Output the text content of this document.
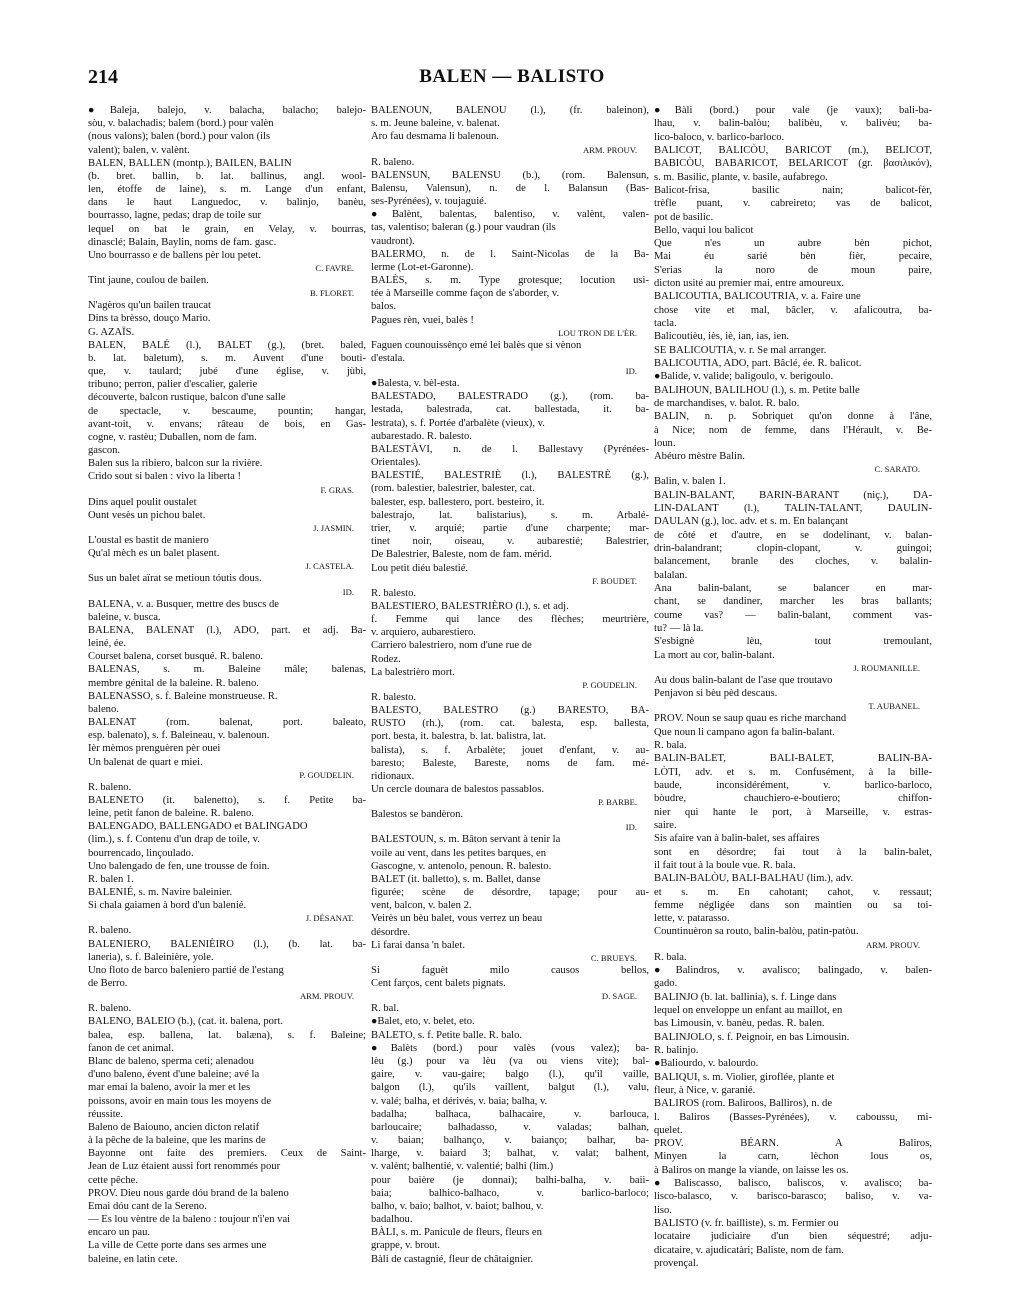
214	BALEN — BALISTO

●Baleja, balejo, v. balacha, balacho; balejo-

sòu, v. balachadis; balem (bord.) pour valèn

(nous valons); balen (bord.) pour valon (ils

valent); balen, v. valènt.

BALEN, BALLEN (montp.), BAILEN, BALIN

(b. bret. ballin, b. lat. ballinus, angl. wool-

len, étoffe de laine), s. m. Lange d'un enfant,

dans le haut Languedoc, v. balinjo, banèu,

bourrasso, lagne, pedas; drap de toile sur

lequel on bat le grain, en Velay, v. bourras,

dinasclé; Balain, Baylin, noms de fam. gasc.

Uno bourrasso e de ballens pèr lou petet.

C. FAVRE.

Tint jaune, coulou de bailen.

B. FLORET.

N'agèros qu'un bailen traucat

Dins ta brèsso, douço Mario.

G. AZAÏS.

BALEN, BALÉ (l.), BALET (g.), (bret. baled,

b. lat. baletum), s. m. Auvent d'une bouti-

que, v. taulard; jubé d'une église, v. jùbi,

tribuno; perron, palier d'escalier, galerie

découverte, balcon rustique, balcon d'une salle

de spectacle, v. bescaume, pountin; hangar,

avant-toit, v. envans; râteau de bois, en Gas-

cogne, v. rastèu; Duballen, nom de fam.

gascon.

Balen sus la ribiero, balcon sur la rivière.

Crido sout si balen : vivo la liberta !

F. GRAS.

Dins aquel poulit oustalet

Ount vesès un pichou balet.

J. JASMIN.

L'oustal es bastit de maniero

Qu'al mèch es un balet plasent.

J. CASTELA.

Sus un balet aïrat se metioun tóutis dous.

ID.

BALENA, v. a. Busquer, mettre des buscs de

baleine, v. busca.

BALENA, BALENAT (l.), ADO, part. et adj. Ba-

leiné, ée.

Courset balena, corset busqué. R. baleno.

BALENAS, s. m. Baleine mâle; balenas,

membre génital de la baleine. R. baleno.

BALENASSO, s. f. Baleine monstrueuse. R.

baleno.

BALENAT (rom. balenat, port. baleato,

esp. balenato), s. f. Baleineau, v. balenoun.

Ièr mèmos prenguèren pèr ouei

Un balenat de quart e miei.

P. GOUDELIN.

R. baleno.

BALENETO (it. balenetto), s. f. Petite ba-

leine, petit fanon de baleine. R. baleno.

BALENGADO, BALLENGADO et BALINGADO

(lim.), s. f. Contenu d'un drap de toile, v.

bourrencado, linçoulado.

Uno balengado de fen, une trousse de foin.

R. balen 1.

BALENIÉ, s. m. Navire baleinier.

Si chala gaiamen à bord d'un balenié.

J. DÉSANAT.

R. baleno.

BALENIERO, BALENIÈIRO (l.), (b. lat. ba-

laneria), s. f. Baleinière, yole.

Uno floto de barco baleniero partié de l'estang

de Berro.

ARM. PROUV.

R. baleno.

BALENO, BALEIO (b.), (cat. it. balena, port.

balea, esp. ballena, lat. balæna), s. f. Baleine;

fanon de cet animal.

Blanc de baleno, sperma ceti; alenadou

d'uno baleno, évent d'une baleine; avé la

mar emai la baleno, avoir la mer et les

poissons, avoir en main tous les moyens de

réussite.

Baleno de Baiouno, ancien dicton relatif

à la pêche de la baleine, que les marins de

Bayonne ont faite des premiers. Ceux de Saint-

Jean de Luz étaient aussi fort renommés pour

cette pêche.

PROV. Dieu nous garde dóu brand de la baleno

Emai dóu cant de la Sereno.

— Es lou vèntre de la baleno : toujour n'i'en vai

encaro un pau.

La ville de Cette porte dans ses armes une

baleine, en latin cete.

BALENOUN, BALENOU (l.), (fr. baleinon),

s. m. Jeune baleine, v. balenat.

Aro fau desmama li balenoun.

ARM. PROUV.

R. baleno.

BALENSUN, BALENSU (b.), (rom. Balensun,

Balensu, Valensun), n. de l. Balansun (Bas-

ses-Pyrénées), v. toujaguié.

●Balènt, balentas, balentiso, v. valènt, valen-

tas, valentiso; baleran (g.) pour vaudran (ils

vaudront).

BALERMO, n. de l. Saint-Nicolas de la Ba-

lerme (Lot-et-Garonne).

BALÈS, s. m. Type grotesque; locution usi-

tée à Marseille comme façon de s'aborder, v.

balos.

Pagues rèn, vuei, balès !

LOU TRON DE L'ÈR.

Faguen counouissènço emé lei balès que si vènon

d'estala.

ID.

●Balesta, v. bèl-esta.

BALESTADO, BALESTRADO (g.), (rom. ba-

lestada, balestrada, cat. ballestada, it. ba-

lestrata), s. f. Portée d'arbalète (vieux), v.

aubarestado. R. balesto.

BALESTÀVI, n. de l. Ballestavy (Pyrénées-

Orientales).

BALESTIÉ, BALESTRIÈ (l.), BALESTRÈ (g.),

(rom. balestier, balestrier, balester, cat.

balester, esp. ballestero, port. besteiro, it.

balestrajo, lat. balistarius), s. m. Arbalé-

trier, v. arquié; partie d'une charpente; mar-

tinet noir, oiseau, v. aubarestié; Balestrier,

De Balestrier, Baleste, nom de fam. mérid.

Lou petit diéu balestié.

F. BOUDET.

R. balesto.

BALESTIERO, BALESTRIÈRO (l.), s. et adj.

f. Femme qui lance des flèches; meurtrière,

v. arquiero, aubarestiero.

Carriero balestriero, nom d'une rue de

Rodez.

La balestrièro mort.

P. GOUDELIN.

R. balesto.

BALESTO, BALESTRO (g.) BARESTO, BA-

RUSTO (rh.), (rom. cat. balesta, esp. ballesta,

port. besta, it. balestra, b. lat. balistra, lat.

balista), s. f. Arbalète; jouet d'enfant, v. au-

baresto; Baleste, Bareste, noms de fam. mé-

ridionaux.

Un cercle dounara de balestos passablos.

P. BARBE.

Balestos se bandèron.

ID.

BALESTOUN, s. m. Bâton servant à tenir la

voile au vent, dans les petites barques, en

Gascogne, v. antenolo, penoun. R. balesto.

BALET (it. balletto), s. m. Ballet, danse

figurée; scène de désordre, tapage; pour au-

vent, balcon, v. balen 2.

Veirès un bèu balet, vous verrez un beau

désordre.

Li farai dansa 'n balet.

C. BRUEYS.

Si faguèt milo causos bellos,

Cent farços, cent balets pignats.

D. SAGE.

R. bal.

●Balet, eto, v. belet, eto.

BALETO, s. f. Petite balle. R. balo.

●Balèts (bord.) pour valès (vous valez); ba-

lèu (g.) pour va lèu (va ou viens vite); bal-

gaire, v. vau-gaire; balgo (l.), qu'il vaille,

balgon (l.), qu'ils vaillent, balgut (l.), valu,

v. valé; balha, et dérivés, v. baia; balha, v.

badalha; balhaca, balhacaire, v. barlouca,

barloucaire; balhadasso, v. valadas; balhan,

v. baian; balhanço, v. baianço; balhar, ba-

lharge, v. baiard 3; balhat, v. valat; balhent,

v. valènt; balhentié, v. valentié; balhi (lim.)

pour baière (je donnai); balhi-balha, v. baii-

baia; balhico-balhaco, v. barlico-barloco;

balho, v. baio; balhot, v. baiot; balhou, v.

badalhou.

BÀLI, s. m. Panicule de fleurs, fleurs en

grappe, v. brout.

Bàli de castagnié, fleur de châtaignier.

●Bàli (bord.) pour vale (je vaux); bali-ba-

lhau, v. balin-balòu; balibèu, v. balivèu; ba-

lico-baloco, v. barlico-barloco.

BALICOT, BALICÒU, BARICOT (m.), BELICOT,

BABICÒU, BABARICOT, BELARICOT (gr. βασιλικόν),

s. m. Basilic, plante, v. basile, aufabrego.

Balicot-frisa, basilic nain; balicot-fèr,

trèfle puant, v. cabreireto; vas de balicot,

pot de basilic.

Bello, vaqui lou balicot

Que n'es un aubre bèn pichot,

Mai éu sarié bèn fièr, pecaire,

S'erias la noro de moun paire,

dicton usité au premier mai, entre amoureux.

BALICOUTIA, BALICOUTRIA, v. a. Faire une

chose vite et mal, bâcler, v. afalicoutra, ba-

tacla.

Balicoutièu, iès, iè, ian, ias, ien.

SE BALICOUTIA, v. r. Se mal arranger.

BALICOUTIA, ADO, part. Bâclé, ée. R. balicot.

●Balide, v. valide; baligoulo, v. berigoulo.

BALIHOUN, BALILHOU (l.), s. m. Petite balle

de marchandises, v. balot. R. balo.

BALIN, n. p. Sobriquet qu'on donne à l'âne,

à Nice; nom de femme, dans l'Hérault, v. Be-

loun.

Abéuro mèstre Balin.

C. SARATO.

Balin, v. balen 1.

BALIN-BALANT, BARIN-BARANT (niç.), DA-

LIN-DALANT (l.), TALIN-TALANT, DAULIN-

DAULAN (g.), loc. adv. et s. m. En balançant

de côté et d'autre, en se dodelinant, v. balan-

drin-balandrant; clopin-clopant, v. guingoi;

balancement, branle des cloches, v. balalin-

balalan.

Ana balin-balant, se balancer en mar-

chant, se dandiner, marcher les bras ballants;

coume vas? — balin-balant, comment vas-

tu? — là la.

S'esbignè lèu, tout tremoulant,

La mort au cor, balin-balant.

J. ROUMANILLE.

Au dous balin-balant de l'ase que troutavo

Penjavon si bèu pèd descaus.

T. AUBANEL.

PROV. Noun se saup quau es riche marchand

Que noun li campano agon fa balin-balant.

R. bala.

BALIN-BALET, BALI-BALET, BALIN-BA-

LÒTI, adv. et s. m. Confusément, à la bille-

baude, inconsidérément, v. barlico-barloco,

bòudre, chauchiero-e-boutiero; chiffon-

nier qui hante le port, à Marseille, v. estras-

saire.

Sis afaire van à balin-balet, ses affaires

sont en désordre; fai tout à la balin-balet,

il fait tout à la boule vue. R. bala.

BALIN-BALÒU, BALI-BALHAU (lim.), adv.

et s. m. En cahotant; cahot, v. ressaut;

femme négligée dans son maintien ou sa toi-

lette, v. patarasso.

Countinuèron sa routo, balin-balòu, patin-patòu.

ARM. PROUV.

R. bala.

●Balindros, v. avalisco; balingado, v. balen-

gado.

BALINJO (b. lat. ballinia), s. f. Linge dans

lequel on enveloppe un enfant au maillot, en

bas Limousin, v. banèu, pedas. R. balen.

BALINJOLO, s. f. Peignoir, en bas Limousin.

R. balinjo.

●Baliourdo, v. balourdo.

BALIQUI, s. m. Violier, giroflée, plante et

fleur, à Nice, v. garanié.

BALIROS (rom. Baliroos, Balliros), n. de

l. Baliros (Basses-Pyrénées), v. caboussu, mi-

quelet.

PROV. BÉARN. A Baliros,

Minyen la carn, lèchon lous os,

à Baliros on mange la viande, on laisse les os.

●Baliscasso, balisco, baliscos, v. avalisco; ba-

lisco-balasco, v. barisco-barasco; baliso, v. va-

liso.

BALISTO (v. fr. bailliste), s. m. Fermier ou

locataire judiciaire d'un bien séquestré; adju-

dicataire, v. ajudicatàri; Baliste, nom de fam.

provençal.
